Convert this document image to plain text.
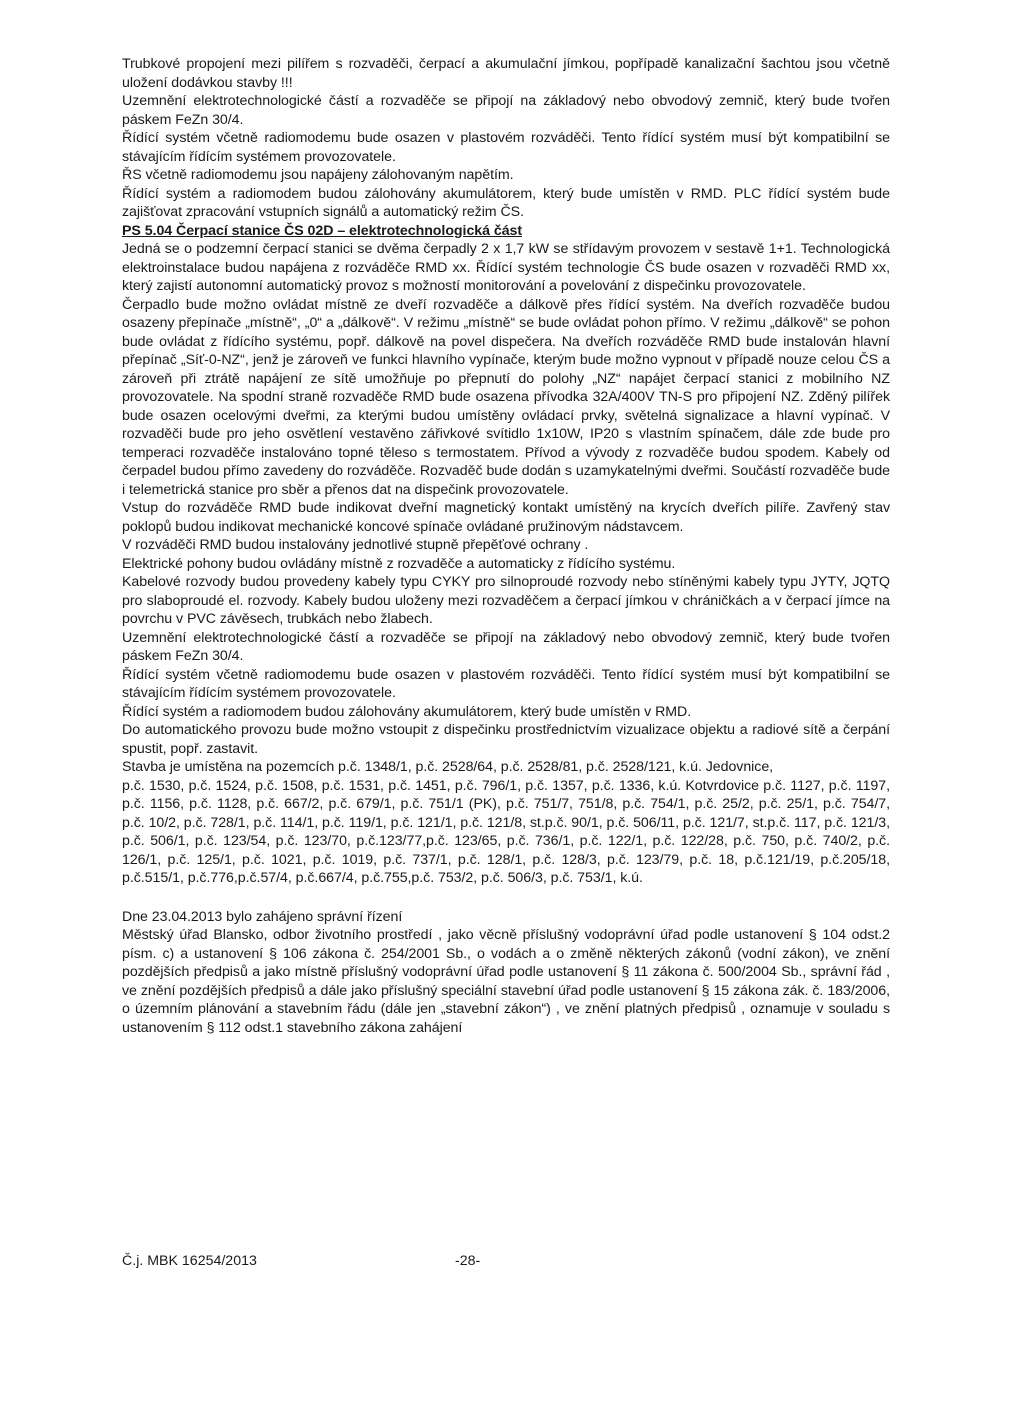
Trubkové propojení mezi pilířem s rozvaděči, čerpací a akumulační jímkou, popřípadě kanalizační šachtou jsou včetně uložení dodávkou stavby !!!

Uzemnění elektrotechnologické částí a rozvaděče se připojí na základový nebo obvodový zemnič, který bude tvořen páskem FeZn 30/4.

Řídící systém včetně radiomodemu bude osazen v plastovém rozváděči. Tento řídící systém musí být kompatibilní se stávajícím řídícím systémem provozovatele.

ŘS včetně radiomodemu jsou napájeny zálohovaným napětím.

Řídící systém a radiomodem budou zálohovány akumulátorem, který bude umístěn v RMD. PLC řídící systém bude zajišťovat zpracování vstupních signálů a automatický režim ČS.

PS 5.04 Čerpací stanice ČS 02D – elektrotechnologická část

Jedná se o podzemní čerpací stanici se dvěma čerpadly 2 x 1,7 kW se střídavým provozem v sestavě 1+1. Technologická elektroinstalace budou napájena z rozváděče RMD xx. Řídící systém technologie ČS bude osazen v rozvaděči RMD xx, který zajistí autonomní automatický provoz s možností monitorování a povelování z dispečinku provozovatele.

Čerpadlo bude možno ovládat místně ze dveří rozvaděče a dálkově přes řídící systém. Na dveřích rozvaděče budou osazeny přepínače „místně“, „0“ a „dálkově“. V režimu „místně“ se bude ovládat pohon přímo. V režimu „dálkově“ se pohon bude ovládat z řídícího systému, popř. dálkově na povel dispečera. Na dveřích rozváděče RMD bude instalován hlavní přepínač „Síť-0-NZ“, jenž je zároveň ve funkci hlavního vypínače, kterým bude možno vypnout v případě nouze celou ČS a zároveň při ztrátě napájení ze sítě umožňuje po přepnutí do polohy „NZ“ napájet čerpací stanici z mobilního NZ provozovatele. Na spodní straně rozvaděče RMD bude osazena přívodka 32A/400V TN-S pro připojení NZ. Zděný pilířek bude osazen ocelovými dveřmi, za kterými budou umístěny ovládací prvky, světelná signalizace a hlavní vypínač. V rozvaděči bude pro jeho osvětlení vestavěno zářivkové svítidlo 1x10W, IP20 s vlastním spínačem, dále zde bude pro temperaci rozvaděče instalováno topné těleso s termostatem. Přívod a vývody z rozvaděče budou spodem. Kabely od čerpadel budou přímo zavedeny do rozváděče. Rozvaděč bude dodán s uzamykatelnými dveřmi. Součástí rozvaděče bude i telemetrická stanice pro sběr a přenos dat na dispečink provozovatele.

Vstup do rozváděče RMD bude indikovat dveřní magnetický kontakt umístěný na krycích dveřích pilíře. Zavřený stav poklopů budou indikovat mechanické koncové spínače ovládané pružinovým nádstavcem.

V rozváděči RMD budou instalovány jednotlivé stupně přepěťové ochrany .

Elektrické pohony budou ovládány místně z rozvaděče a automaticky z řídícího systému.

Kabelové rozvody budou provedeny kabely typu CYKY pro silnoproudé rozvody nebo stíněnými kabely typu JYTY, JQTQ pro slaboproudé el. rozvody. Kabely budou uloženy mezi rozvaděčem a čerpací jímkou v chráničkách a v čerpací jímce na povrchu v PVC závěsech, trubkách nebo žlabech.

Uzemnění elektrotechnologické částí a rozvaděče se připojí na základový nebo obvodový zemnič, který bude tvořen páskem FeZn 30/4.

Řídící systém včetně radiomodemu bude osazen v plastovém rozváděči. Tento řídící systém musí být kompatibilní se stávajícím řídícím systémem provozovatele.

Řídící systém a radiomodem budou zálohovány akumulátorem, který bude umístěn v RMD.

Do automatického provozu bude možno vstoupit z dispečinku prostřednictvím vizualizace objektu a radiové sítě a čerpání spustit, popř. zastavit.

Stavba je umístěna na pozemcích p.č. 1348/1, p.č. 2528/64, p.č. 2528/81, p.č. 2528/121, k.ú. Jedovnice,

p.č. 1530, p.č. 1524, p.č. 1508, p.č. 1531, p.č. 1451, p.č. 796/1, p.č. 1357, p.č. 1336, k.ú. Kotvrdovice p.č. 1127, p.č. 1197, p.č. 1156, p.č. 1128, p.č. 667/2, p.č. 679/1, p.č. 751/1 (PK), p.č. 751/7, 751/8, p.č. 754/1, p.č. 25/2, p.č. 25/1, p.č. 754/7, p.č. 10/2, p.č. 728/1, p.č. 114/1, p.č. 119/1, p.č. 121/1, p.č. 121/8, st.p.č. 90/1, p.č. 506/11, p.č. 121/7, st.p.č. 117, p.č. 121/3, p.č. 506/1, p.č. 123/54, p.č. 123/70, p.č.123/77,p.č. 123/65, p.č. 736/1, p.č. 122/1, p.č. 122/28, p.č. 750, p.č. 740/2, p.č. 126/1, p.č. 125/1, p.č. 1021, p.č. 1019, p.č. 737/1, p.č. 128/1, p.č. 128/3, p.č. 123/79, p.č. 18, p.č.121/19, p.č.205/18, p.č.515/1, p.č.776,p.č.57/4, p.č.667/4, p.č.755,p.č. 753/2, p.č. 506/3, p.č. 753/1, k.ú.

Dne 23.04.2013 bylo zahájeno správní řízení

Městský úřad Blansko, odbor životního prostředí , jako věcně příslušný vodoprávní úřad podle ustanovení § 104 odst.2 písm. c) a ustanovení § 106 zákona č. 254/2001 Sb., o vodách a o změně některých zákonů (vodní zákon), ve znění pozdějších předpisů a jako místně příslušný vodoprávní úřad podle ustanovení § 11 zákona č. 500/2004 Sb., správní řád , ve znění pozdějších předpisů a dále jako příslušný speciální stavební úřad podle ustanovení § 15 zákona zák. č. 183/2006, o územním plánování a stavebním řádu (dále jen „stavební zákon“) , ve znění platných předpisů , oznamuje v souladu s ustanovením § 112 odst.1 stavebního zákona zahájení

Č.j. MBK 16254/2013	-28-
